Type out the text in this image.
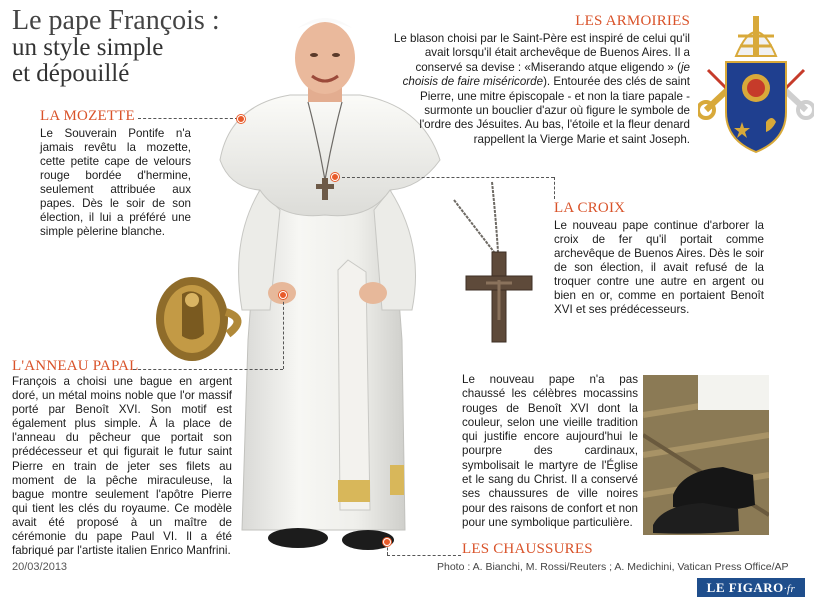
Le pape François :
un style simple
et dépouillé
LES ARMOIRIES
Le blason choisi par le Saint-Père est inspiré de celui qu'il avait lorsqu'il était archevêque de Buenos Aires. Il a conservé sa devise : «Miserando atque eligendo » (je choisis de faire miséricorde). Entourée des clés de saint Pierre, une mitre épiscopale - et non la tiare papale - surmonte un bouclier d'azur où figure le symbole de l'ordre des Jésuites. Au bas, l'étoile et la fleur denard rappellent la Vierge Marie et saint Joseph.
LA MOZETTE
Le Souverain Pontife n'a jamais revêtu la mozette, cette petite cape de velours rouge bordée d'hermine, seulement attribuée aux papes. Dès le soir de son élection, il lui a préféré une simple pèlerine blanche.
LA CROIX
Le nouveau pape continue d'arborer la croix de fer qu'il portait comme archevêque de Buenos Aires. Dès le soir de son élection, il avait refusé de la troquer contre une autre en argent ou bien en or, comme en portaient Benoît XVI et ses prédécesseurs.
L'ANNEAU PAPAL
François a choisi une bague en argent doré, un métal moins noble que l'or massif porté par Benoît XVI. Son motif est également plus simple. À la place de l'anneau du pêcheur que portait son prédécesseur et qui figurait le futur saint Pierre en train de jeter ses filets au moment de la pêche miraculeuse, la bague montre seulement l'apôtre Pierre qui tient les clés du royaume. Ce modèle avait été proposé à un maître de cérémonie du pape Paul VI. Il a été fabriqué par l'artiste italien Enrico Manfrini.
Le nouveau pape n'a pas chaussé les célèbres mocassins rouges de Benoît XVI dont la couleur, selon une vieille tradition qui justifie encore aujourd'hui le pourpre des cardinaux, symbolisait le martyre de l'Église et le sang du Christ. Il a conservé ses chaussures de ville noires pour des raisons de confort et non pour une symbolique particulière.
LES CHAUSSURES
20/03/2013	Photo : A. Bianchi, M. Rossi/Reuters ; A. Medichini, Vatican Press Office/AP
LE FIGARO·fr
